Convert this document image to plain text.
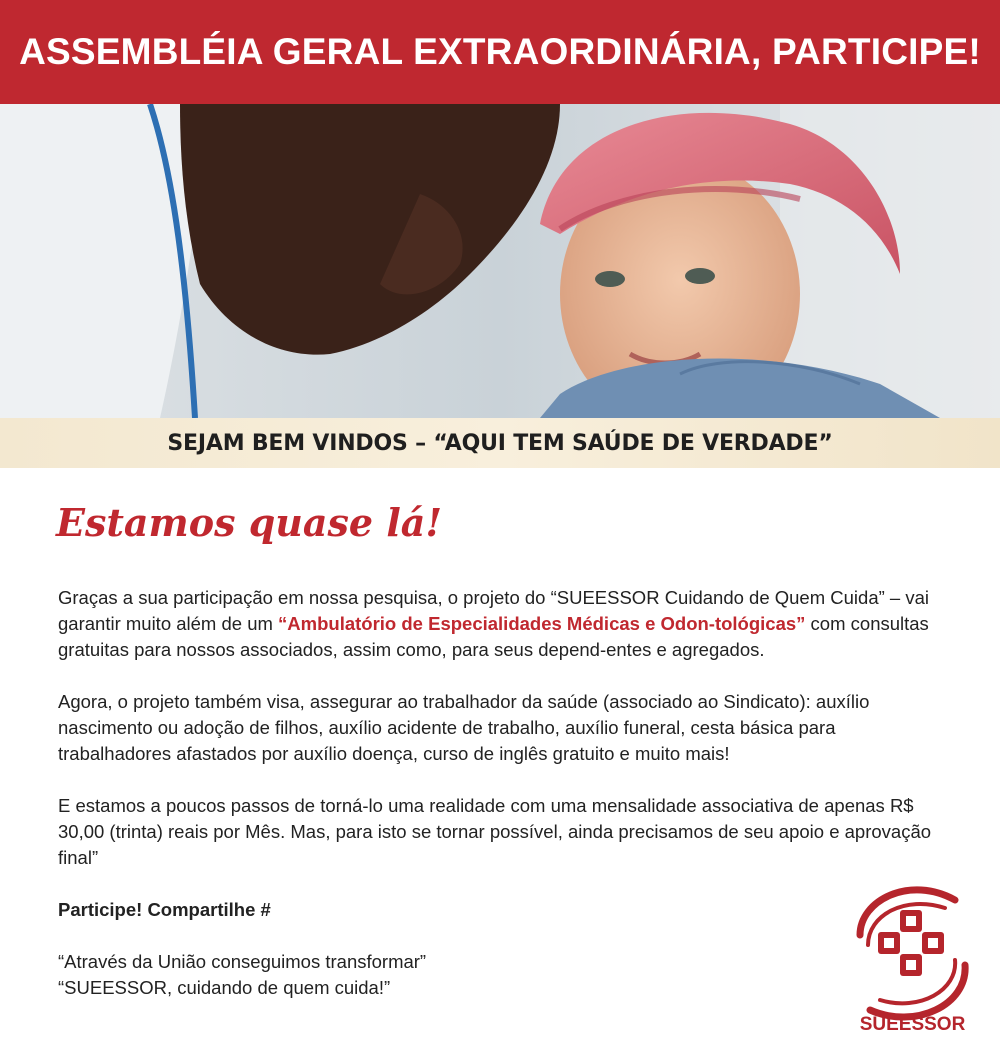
ASSEMBLÉIA GERAL EXTRAORDINÁRIA, PARTICIPE!
SEJAM BEM VINDOS – “AQUI TEM SAÚDE DE VERDADE”
Estamos quase lá!

Graças a sua participação em nossa pesquisa, o projeto do “SUEESSOR Cuidando de Quem Cuida” – vai garantir muito além de um “Ambulatório de Especialidades Médicas e Odon-tológicas” com consultas gratuitas para nossos associados, assim como, para seus depend-entes e agregados.

Agora, o projeto também visa, assegurar ao trabalhador da saúde (associado ao Sindicato): auxílio nascimento ou adoção de filhos, auxílio acidente de trabalho, auxílio funeral, cesta básica para trabalhadores afastados por auxílio doença, curso de inglês gratuito e muito mais!

E estamos a poucos passos de torná-lo uma realidade com uma mensalidade associativa de apenas R$ 30,00 (trinta) reais por Mês. Mas, para isto se tornar possível, ainda precisamos de seu apoio e aprovação final”

Participe! Compartilhe #

“Através da União conseguimos transformar”
“SUEESSOR, cuidando de quem cuida!”

SUEESSOR
